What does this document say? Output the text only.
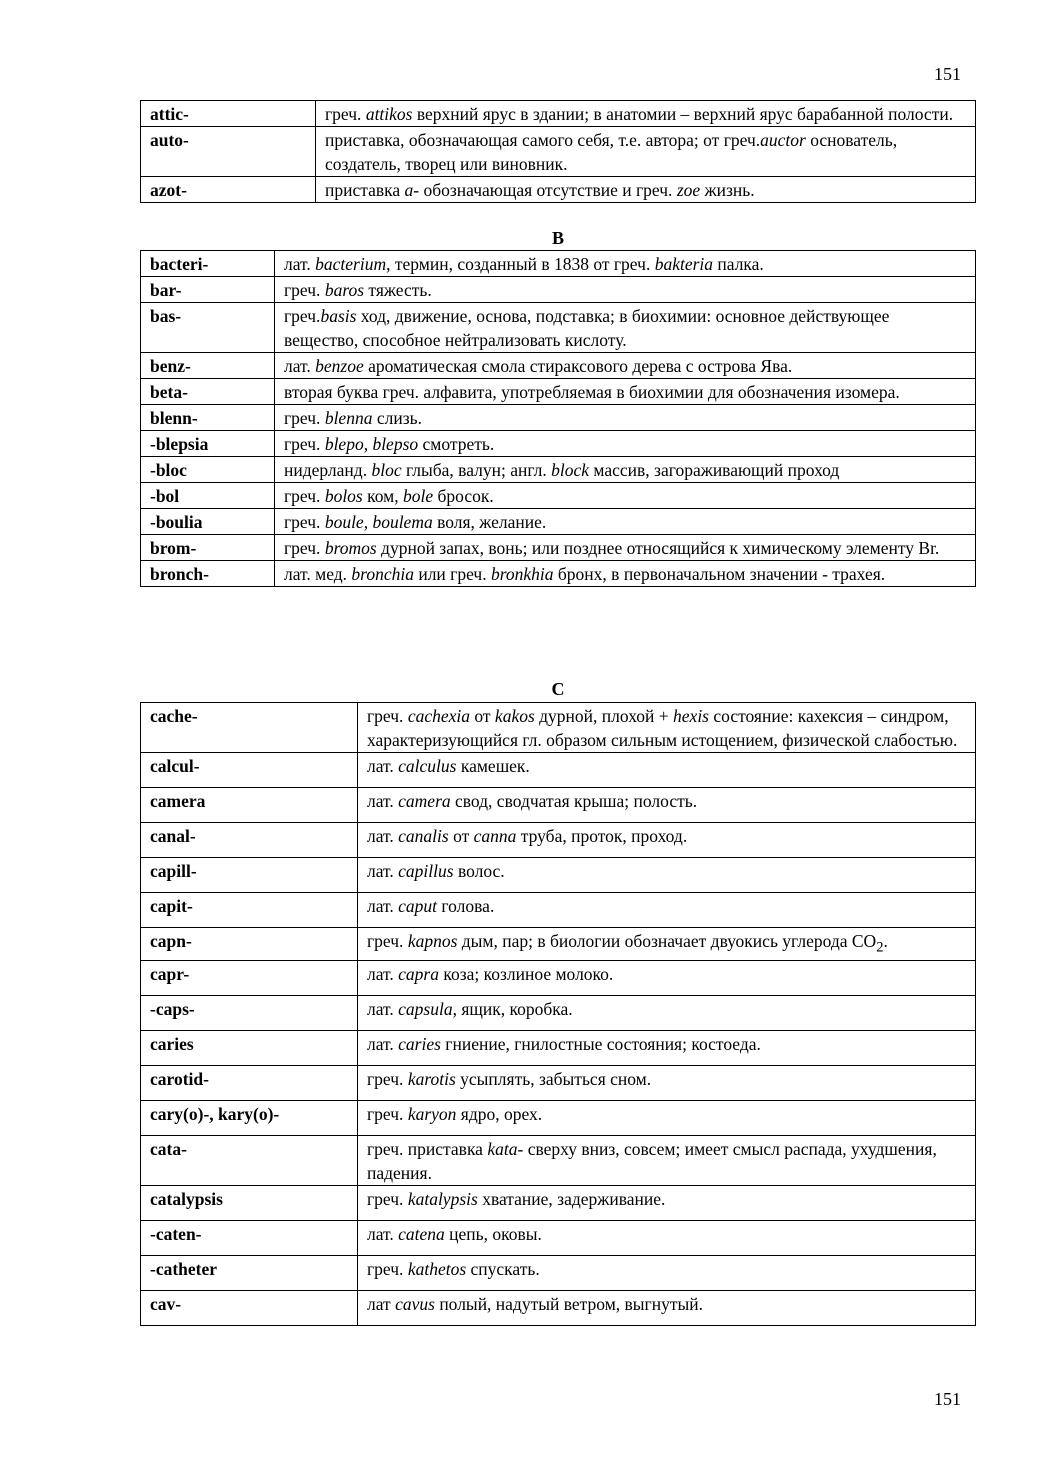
151
attic-	греч. attikos верхний ярус в здании; в анатомии – верхний ярус барабанной полости.
auto-	приставка, обозначающая самого себя, т.е. автора; от греч.auctor основатель, создатель, творец или виновник.
azot-	приставка а- обозначающая отсутствие и греч. zoe жизнь.
B
bacteri-	лат. bacterium, термин, созданный в 1838 от греч. bakteria палка.
bar-	греч. baros тяжесть.
bas-	греч.basis ход, движение, основа, подставка; в биохимии: основное действующее вещество, способное нейтрализовать кислоту.
benz-	лат. benzoe ароматическая смола стираксового дерева с острова Ява.
beta-	вторая буква греч. алфавита, употребляемая в биохимии для обозначения изомера.
blenn-	греч. blenna слизь.
-blepsia	греч. blepo, blepso смотреть.
-bloc	нидерланд. bloc глыба, валун; англ. block массив, загораживающий проход
-bol	греч. bolos ком, bole бросок.
-boulia	греч. boule, boulema воля, желание.
brom-	греч. bromos дурной запах, вонь; или позднее относящийся к химическому элементу Br.
bronch-	лат. мед. bronchia или греч. bronkhia бронх, в первоначальном значении - трахея.
C
cache-	греч. cachexia от kakos дурной, плохой + hexis состояние: кахексия – синдром, характеризующийся гл. образом сильным истощением, физической слабостью.
calcul-	лат. calculus камешек.
camera	лат. camera свод, сводчатая крыша; полость.
canal-	лат. canalis от canna труба, проток, проход.
capill-	лат. capillus волос.
capit-	лат. caput голова.
capn-	греч. kapnos дым, пар; в биологии обозначает двуокись углерода $CO_2$.
capr-	лат. capra коза; козлиное молоко.
-caps-	лат. capsula, ящик, коробка.
caries	лат. caries гниение, гнилостные состояния; костоеда.
carotid-	греч. karotis усыплять, забыться сном.
cary(o)-, kary(o)-	греч. karyon ядро, орех.
cata-	греч. приставка kata- сверху вниз, совсем; имеет смысл распада, ухудшения, падения.
catalypsis	греч. katalypsis хватание, задерживание.
-caten-	лат. catena цепь, оковы.
-catheter	греч. kathetos спускать.
cav-	лат cavus полый, надутый ветром, выгнутый.
151
